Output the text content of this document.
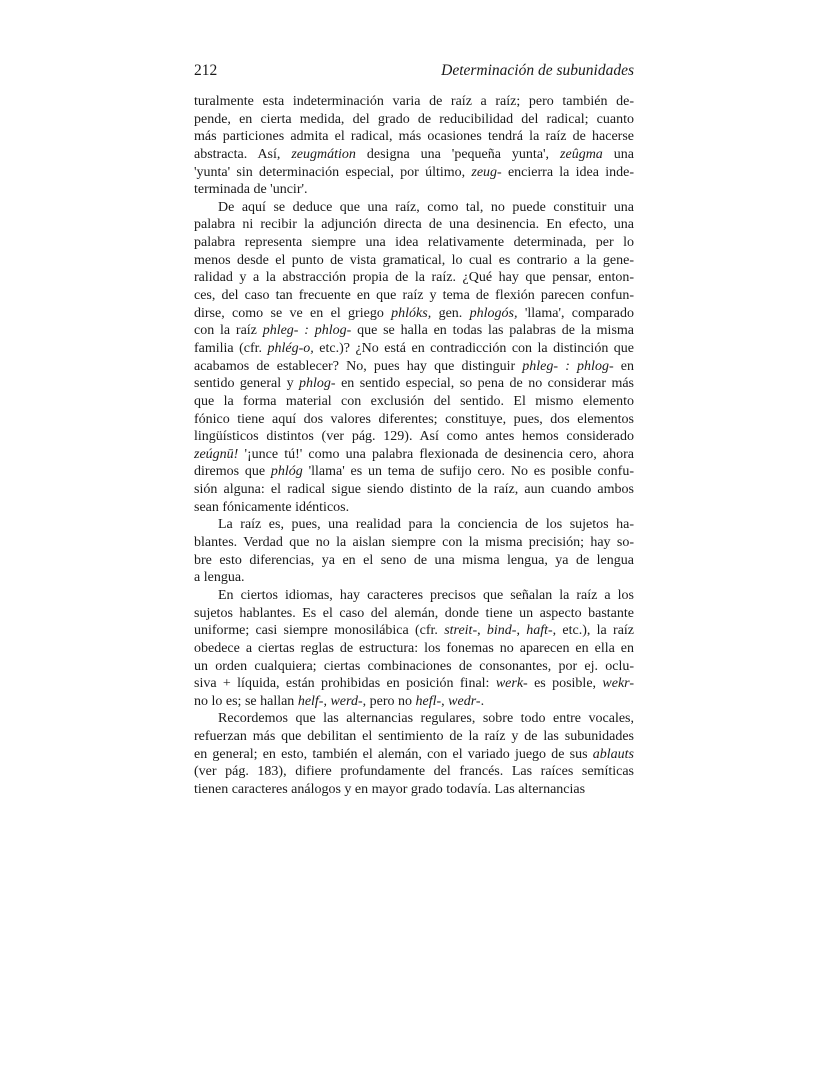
212	Determinación de subunidades
turalmente esta indeterminación varia de raíz a raíz; pero también de-
pende, en cierta medida, del grado de reducibilidad del radical; cuanto
más particiones admita el radical, más ocasiones tendrá la raíz de hacerse
abstracta. Así, zeugmátion designa una 'pequeña yunta', zeûgma una
'yunta' sin determinación especial, por último, zeug- encierra la idea inde-
terminada de 'uncir'.
De aquí se deduce que una raíz, como tal, no puede constituir una
palabra ni recibir la adjunción directa de una desinencia. En efecto, una
palabra representa siempre una idea relativamente determinada, per lo
menos desde el punto de vista gramatical, lo cual es contrario a la gene-
ralidad y a la abstracción propia de la raíz. ¿Qué hay que pensar, enton-
ces, del caso tan frecuente en que raíz y tema de flexión parecen confun-
dirse, como se ve en el griego phlóks, gen. phlogós, 'llama', comparado
con la raíz phleg- : phlog- que se halla en todas las palabras de la misma
familia (cfr. phlég-o, etc.)? ¿No está en contradicción con la distinción que
acabamos de establecer? No, pues hay que distinguir phleg- : phlog- en
sentido general y phlog- en sentido especial, so pena de no considerar más
que la forma material con exclusión del sentido. El mismo elemento
fónico tiene aquí dos valores diferentes; constituye, pues, dos elementos
lingüísticos distintos (ver pág. 129). Así como antes hemos considerado
zeúgnū! '¡unce tú!' como una palabra flexionada de desinencia cero, ahora
diremos que phlóg 'llama' es un tema de sufijo cero. No es posible confu-
sión alguna: el radical sigue siendo distinto de la raíz, aun cuando ambos
sean fónicamente idénticos.
La raíz es, pues, una realidad para la conciencia de los sujetos ha-
blantes. Verdad que no la aislan siempre con la misma precisión; hay so-
bre esto diferencias, ya en el seno de una misma lengua, ya de lengua
a lengua.
En ciertos idiomas, hay caracteres precisos que señalan la raíz a los
sujetos hablantes. Es el caso del alemán, donde tiene un aspecto bastante
uniforme; casi siempre monosilábica (cfr. streit-, bind-, haft-, etc.), la raíz
obedece a ciertas reglas de estructura: los fonemas no aparecen en ella en
un orden cualquiera; ciertas combinaciones de consonantes, por ej. oclu-
siva + líquida, están prohibidas en posición final: werk- es posible, wekr-
no lo es; se hallan helf-, werd-, pero no hefl-, wedr-.
Recordemos que las alternancias regulares, sobre todo entre vocales,
refuerzan más que debilitan el sentimiento de la raíz y de las subunidades
en general; en esto, también el alemán, con el variado juego de sus ablauts
(ver pág. 183), difiere profundamente del francés. Las raíces semíticas
tienen caracteres análogos y en mayor grado todavía. Las alternancias
